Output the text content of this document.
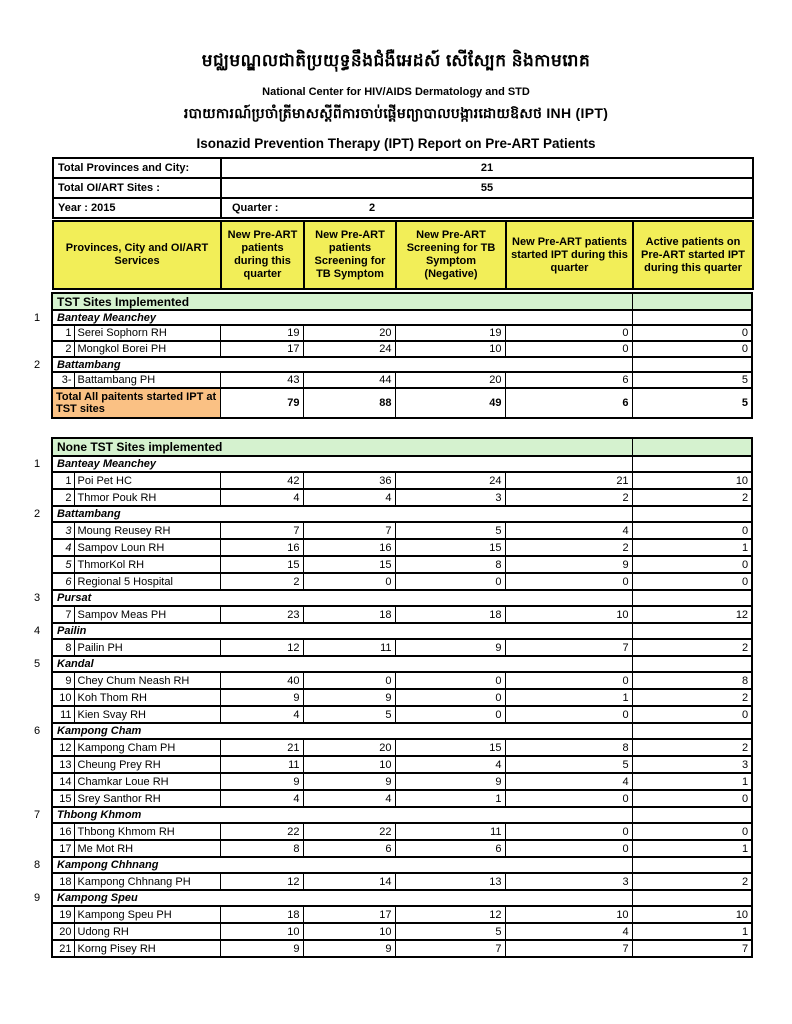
មជ្ឈមណ្ឌលជាតិប្រយុទ្ធនឹងជំងឺអេដស៍ សើស្បែក និងកាមរោគ
National Center for HIV/AIDS Dermatology and STD
របាយការណ៍ប្រចាំត្រីមាសស្តីពីការចាប់ផ្តើមព្យាបាលបង្ការដោយឱសថ INH (IPT)
Isonazid Prevention Therapy (IPT) Report on Pre-ART Patients
Total Provinces and City:	21
Total OI/ART Sites :	55
Year : 2015	Quarter : 2
Provinces, City and OI/ART Services	New Pre-ART patients during this quarter	New Pre-ART patients Screening for TB Symptom	New Pre-ART Screening for TB Symptom (Negative)	New Pre-ART patients started IPT during this quarter	Active patients on Pre-ART started IPT during this quarter
	TST Sites Implemented						
1	Banteay Meanchey						
	1	Serei Sophorn RH	19	20	19	0	0
	2	Mongkol Borei PH	17	24	10	0	0
2	Battambang						
	3-	Battambang PH	43	44	20	6	5
	Total All paitents started IPT at TST sites		79	88	49	6	5
	None TST Sites implemented						
1	Banteay Meanchey						
	1	Poi Pet HC	42	36	24	21	10
	2	Thmor Pouk RH	4	4	3	2	2
2	Battambang						
	3	Moung Reusey RH	7	7	5	4	0
	4	Sampov Loun RH	16	16	15	2	1
	5	ThmorKol RH	15	15	8	9	0
	6	Regional 5 Hospital	2	0	0	0	0
3	Pursat						
	7	Sampov Meas PH	23	18	18	10	12
4	Pailin						
	8	Pailin PH	12	11	9	7	2
5	Kandal						
	9	Chey Chum Neash RH	40	0	0	0	8
	10	Koh Thom RH	9	9	0	1	2
	11	Kien Svay RH	4	5	0	0	0
6	Kampong Cham						
	12	Kampong Cham PH	21	20	15	8	2
	13	Cheung Prey RH	11	10	4	5	3
	14	Chamkar Loue RH	9	9	9	4	1
	15	Srey Santhor RH	4	4	1	0	0
7	Thbong Khmom						
	16	Thbong Khmom RH	22	22	11	0	0
	17	Me Mot RH	8	6	6	0	1
8	Kampong Chhnang						
	18	Kampong Chhnang PH	12	14	13	3	2
9	Kampong Speu						
	19	Kampong Speu PH	18	17	12	10	10
	20	Udong RH	10	10	5	4	1
	21	Korng Pisey RH	9	9	7	7	7
